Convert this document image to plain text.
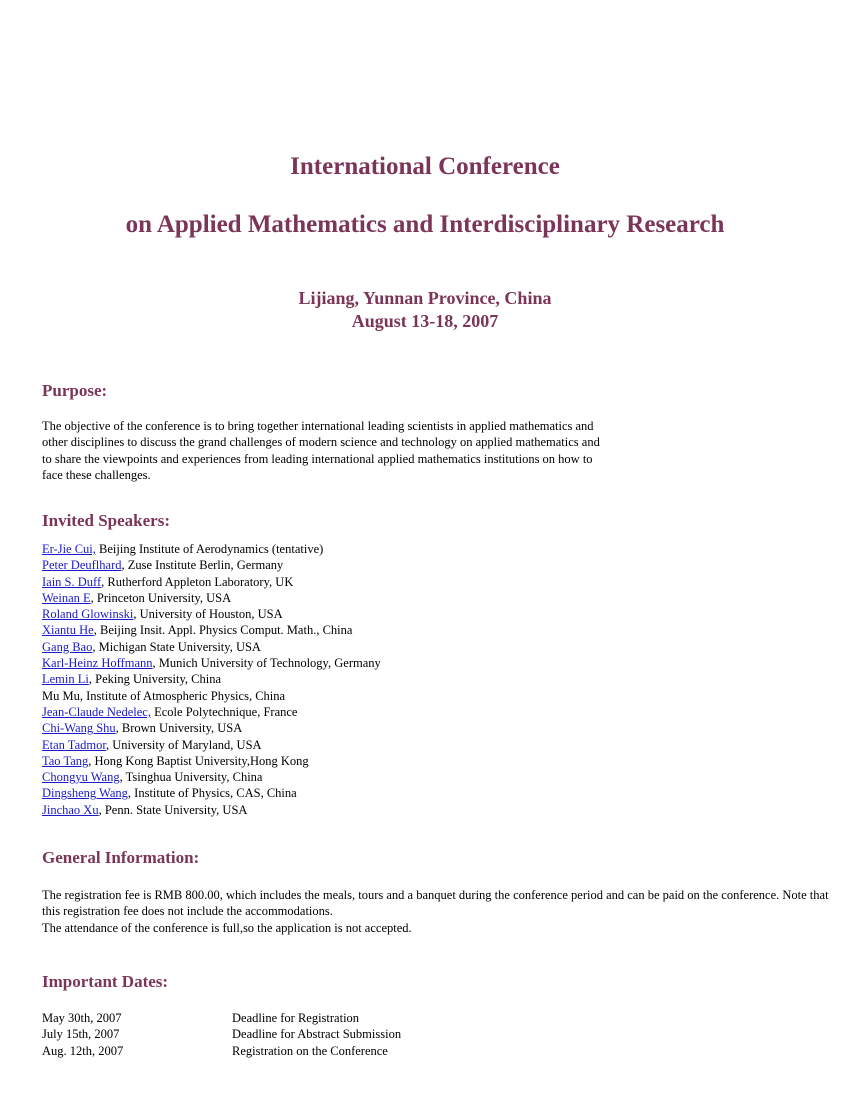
International Conference
on Applied Mathematics and Interdisciplinary Research
Lijiang, Yunnan Province, China
August 13-18, 2007
Purpose:

The objective of the conference is to bring together international leading scientists in applied mathematics and other disciplines to discuss the grand challenges of modern science and technology on applied mathematics and to share the viewpoints and experiences from leading international applied mathematics institutions on how to face these challenges.

Invited Speakers:
Er-Jie Cui, Beijing Institute of Aerodynamics (tentative)
Peter Deuflhard, Zuse Institute Berlin, Germany
Iain S. Duff, Rutherford Appleton Laboratory, UK
Weinan E, Princeton University, USA
Roland Glowinski, University of Houston, USA
Xiantu He, Beijing Insit. Appl. Physics Comput. Math., China
Gang Bao, Michigan State University, USA
Karl-Heinz Hoffmann, Munich University of Technology, Germany
Lemin Li, Peking University, China
Mu Mu, Institute of Atmospheric Physics, China
Jean-Claude Nedelec, Ecole Polytechnique, France
Chi-Wang Shu, Brown University, USA
Etan Tadmor, University of Maryland, USA
Tao Tang, Hong Kong Baptist University,Hong Kong
Chongyu Wang, Tsinghua University, China
Dingsheng Wang, Institute of Physics, CAS, China
Jinchao Xu, Penn. State University, USA
General Information:

The registration fee is RMB 800.00, which includes the meals, tours and a banquet during the conference period and can be paid on the conference. Note that this registration fee does not include the accommodations.

The attendance of the conference is full,so the application is not accepted.

Important Dates:
May 30th, 2007	Deadline for Registration
July 15th, 2007	Deadline for Abstract Submission
Aug. 12th, 2007	Registration on the Conference
